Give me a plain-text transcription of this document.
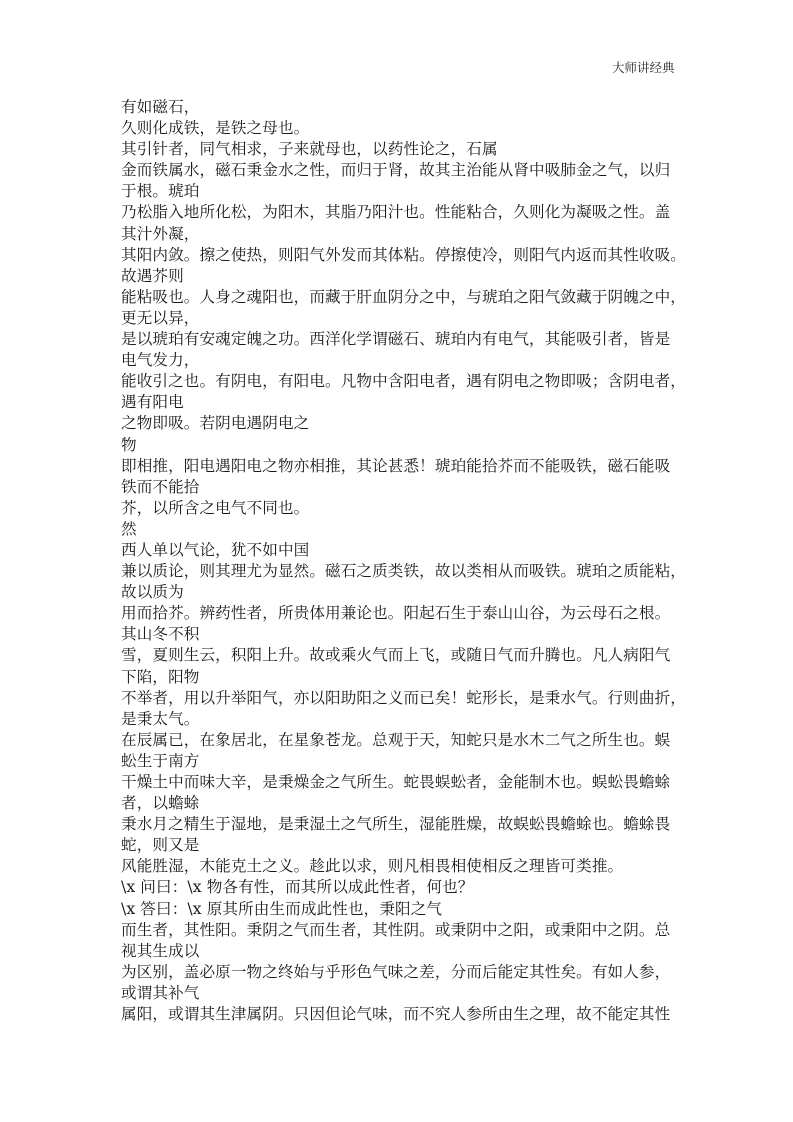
大师讲经典
有如磁石，
久则化成铁，是铁之母也。
其引针者，同气相求，子来就母也，以药性论之，石属
金而铁属水，磁石秉金水之性，而归于肾，故其主治能从肾中吸肺金之气，以归
于根。琥珀
乃松脂入地所化松，为阳木，其脂乃阳汁也。性能粘合，久则化为凝吸之性。盖
其汁外凝，
其阳内敛。擦之使热，则阳气外发而其体粘。停擦使冷，则阳气内返而其性收吸。
故遇芥则
能粘吸也。人身之魂阳也，而藏于肝血阴分之中，与琥珀之阳气敛藏于阴魄之中，
更无以异，
是以琥珀有安魂定魄之功。西洋化学谓磁石、琥珀内有电气，其能吸引者，皆是
电气发力，
能收引之也。有阴电，有阳电。凡物中含阳电者，遇有阴电之物即吸；含阴电者，
遇有阳电
之物即吸。若阴电遇阴电之
物
即相推，阳电遇阳电之物亦相推，其论甚悉！琥珀能拾芥而不能吸铁，磁石能吸
铁而不能拾
芥，以所含之电气不同也。
然
西人单以气论，犹不如中国
兼以质论，则其理尤为显然。磁石之质类铁，故以类相从而吸铁。琥珀之质能粘，
故以质为
用而拾芥。辨药性者，所贵体用兼论也。阳起石生于泰山山谷，为云母石之根。
其山冬不积
雪，夏则生云，积阳上升。故或乘火气而上飞，或随日气而升腾也。凡人病阳气
下陷，阳物
不举者，用以升举阳气，亦以阳助阳之义而已矣！蛇形长，是秉水气。行则曲折，
是秉太气。
在辰属已，在象居北，在星象苍龙。总观于天，知蛇只是水木二气之所生也。蜈
蚣生于南方
干燥土中而味大辛，是秉燥金之气所生。蛇畏蜈蚣者，金能制木也。蜈蚣畏蟾蜍
者，以蟾蜍
秉水月之精生于湿地，是秉湿土之气所生，湿能胜燥，故蜈蚣畏蟾蜍也。蟾蜍畏
蛇，则又是
风能胜湿，木能克土之义。趁此以求，则凡相畏相使相反之理皆可类推。
\x 问曰：\x 物各有性，而其所以成此性者，何也？
\x 答曰：\x 原其所由生而成此性也，秉阳之气
而生者，其性阳。秉阴之气而生者，其性阴。或秉阴中之阳，或秉阳中之阴。总
视其生成以
为区别，盖必原一物之终始与乎形色气味之差，分而后能定其性矣。有如人参，
或谓其补气
属阳，或谓其生津属阴。只因但论气味，而不究人参所由生之理，故不能定其性
